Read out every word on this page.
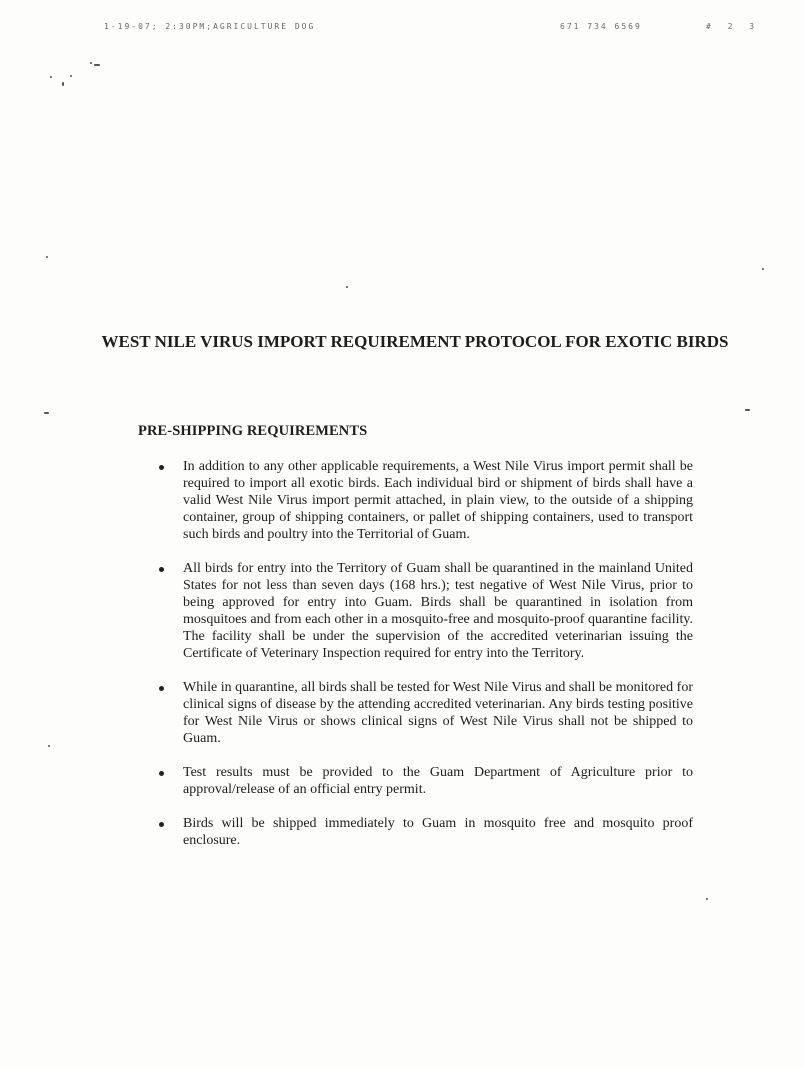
1-19-07; 2:30PM;AGRICULTURE DOG	671 734 6569	# 2 3
WEST NILE VIRUS IMPORT REQUIREMENT PROTOCOL FOR EXOTIC BIRDS
PRE-SHIPPING REQUIREMENTS
In addition to any other applicable requirements, a West Nile Virus import permit shall be required to import all exotic birds. Each individual bird or shipment of birds shall have a valid West Nile Virus import permit attached, in plain view, to the outside of a shipping container, group of shipping containers, or pallet of shipping containers, used to transport such birds and poultry into the Territorial of Guam.
All birds for entry into the Territory of Guam shall be quarantined in the mainland United States for not less than seven days (168 hrs.); test negative of West Nile Virus, prior to being approved for entry into Guam. Birds shall be quarantined in isolation from mosquitoes and from each other in a mosquito-free and mosquito-proof quarantine facility. The facility shall be under the supervision of the accredited veterinarian issuing the Certificate of Veterinary Inspection required for entry into the Territory.
While in quarantine, all birds shall be tested for West Nile Virus and shall be monitored for clinical signs of disease by the attending accredited veterinarian. Any birds testing positive for West Nile Virus or shows clinical signs of West Nile Virus shall not be shipped to Guam.
Test results must be provided to the Guam Department of Agriculture prior to approval/release of an official entry permit.
Birds will be shipped immediately to Guam in mosquito free and mosquito proof enclosure.
